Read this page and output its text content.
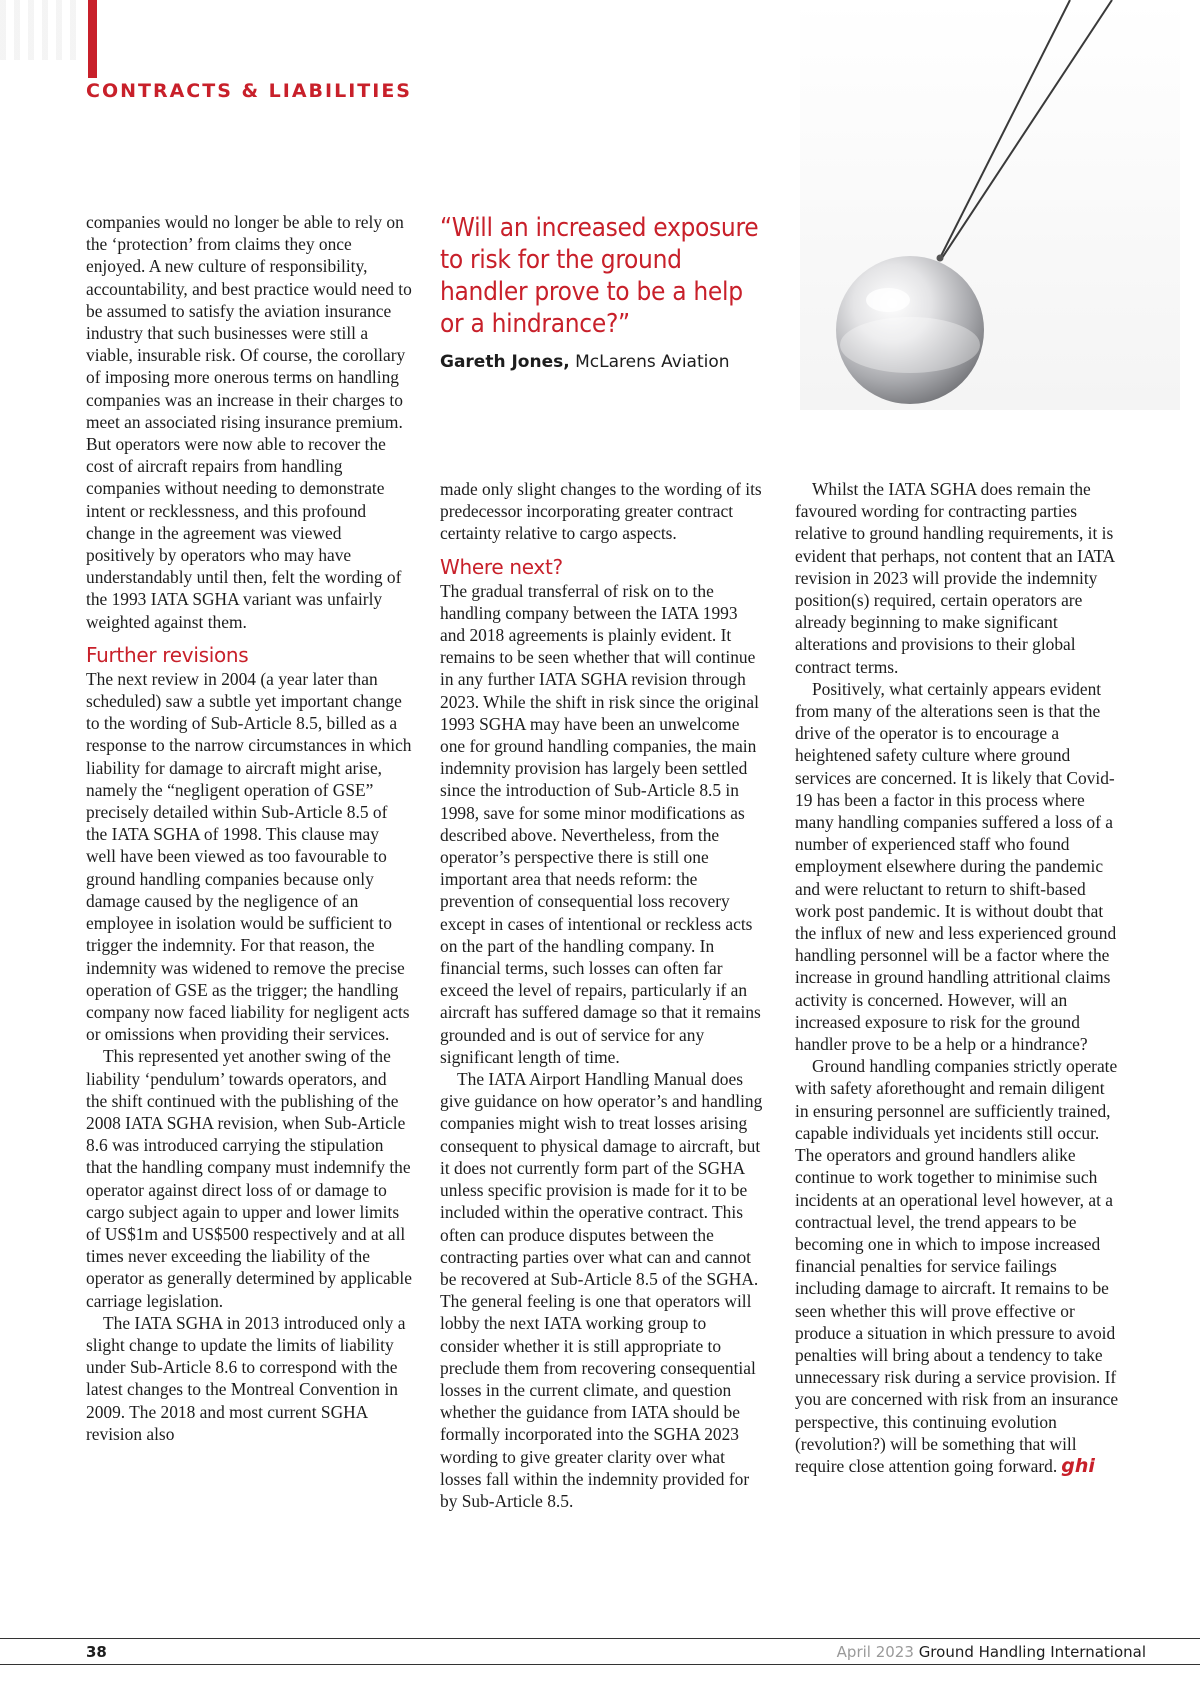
CONTRACTS & LIABILITIES

“Will an increased exposure to risk for the ground handler prove to be a help or a hindrance?”

Gareth Jones, McLarens Aviation

companies would no longer be able to rely on the ‘protection’ from claims they once enjoyed. A new culture of responsibility, accountability, and best practice would need to be assumed to satisfy the aviation insurance industry that such businesses were still a viable, insurable risk. Of course, the corollary of imposing more onerous terms on handling companies was an increase in their charges to meet an associated rising insurance premium. But operators were now able to recover the cost of aircraft repairs from handling companies without needing to demonstrate intent or recklessness, and this profound change in the agreement was viewed positively by operators who may have understandably until then, felt the wording of the 1993 IATA SGHA variant was unfairly weighted against them.

Further revisions

The next review in 2004 (a year later than scheduled) saw a subtle yet important change to the wording of Sub-Article 8.5, billed as a response to the narrow circumstances in which liability for damage to aircraft might arise, namely the “negligent operation of GSE” precisely detailed within Sub-Article 8.5 of the IATA SGHA of 1998. This clause may well have been viewed as too favourable to ground handling companies because only damage caused by the negligence of an employee in isolation would be sufficient to trigger the indemnity. For that reason, the indemnity was widened to remove the precise operation of GSE as the trigger; the handling company now faced liability for negligent acts or omissions when providing their services.

This represented yet another swing of the liability ‘pendulum’ towards operators, and the shift continued with the publishing of the 2008 IATA SGHA revision, when Sub-Article 8.6 was introduced carrying the stipulation that the handling company must indemnify the operator against direct loss of or damage to cargo subject again to upper and lower limits of US$1m and US$500 respectively and at all times never exceeding the liability of the operator as generally determined by applicable carriage legislation.

The IATA SGHA in 2013 introduced only a slight change to update the limits of liability under Sub-Article 8.6 to correspond with the latest changes to the Montreal Convention in 2009. The 2018 and most current SGHA revision also

made only slight changes to the wording of its predecessor incorporating greater contract certainty relative to cargo aspects.

Where next?

The gradual transferral of risk on to the handling company between the IATA 1993 and 2018 agreements is plainly evident. It remains to be seen whether that will continue in any further IATA SGHA revision through 2023. While the shift in risk since the original 1993 SGHA may have been an unwelcome one for ground handling companies, the main indemnity provision has largely been settled since the introduction of Sub-Article 8.5 in 1998, save for some minor modifications as described above. Nevertheless, from the operator’s perspective there is still one important area that needs reform: the prevention of consequential loss recovery except in cases of intentional or reckless acts on the part of the handling company. In financial terms, such losses can often far exceed the level of repairs, particularly if an aircraft has suffered damage so that it remains grounded and is out of service for any significant length of time.

The IATA Airport Handling Manual does give guidance on how operator’s and handling companies might wish to treat losses arising consequent to physical damage to aircraft, but it does not currently form part of the SGHA unless specific provision is made for it to be included within the operative contract. This often can produce disputes between the contracting parties over what can and cannot be recovered at Sub-Article 8.5 of the SGHA. The general feeling is one that operators will lobby the next IATA working group to consider whether it is still appropriate to preclude them from recovering consequential losses in the current climate, and question whether the guidance from IATA should be formally incorporated into the SGHA 2023 wording to give greater clarity over what losses fall within the indemnity provided for by Sub-Article 8.5.

Whilst the IATA SGHA does remain the favoured wording for contracting parties relative to ground handling requirements, it is evident that perhaps, not content that an IATA revision in 2023 will provide the indemnity position(s) required, certain operators are already beginning to make significant alterations and provisions to their global contract terms.

Positively, what certainly appears evident from many of the alterations seen is that the drive of the operator is to encourage a heightened safety culture where ground services are concerned. It is likely that Covid-19 has been a factor in this process where many handling companies suffered a loss of a number of experienced staff who found employment elsewhere during the pandemic and were reluctant to return to shift-based work post pandemic. It is without doubt that the influx of new and less experienced ground handling personnel will be a factor where the increase in ground handling attritional claims activity is concerned. However, will an increased exposure to risk for the ground handler prove to be a help or a hindrance?

Ground handling companies strictly operate with safety aforethought and remain diligent in ensuring personnel are sufficiently trained, capable individuals yet incidents still occur. The operators and ground handlers alike continue to work together to minimise such incidents at an operational level however, at a contractual level, the trend appears to be becoming one in which to impose increased financial penalties for service failings including damage to aircraft. It remains to be seen whether this will prove effective or produce a situation in which pressure to avoid penalties will bring about a tendency to take unnecessary risk during a service provision. If you are concerned with risk from an insurance perspective, this continuing evolution (revolution?) will be something that will require close attention going forward. ghi

38	April 2023 Ground Handling International
